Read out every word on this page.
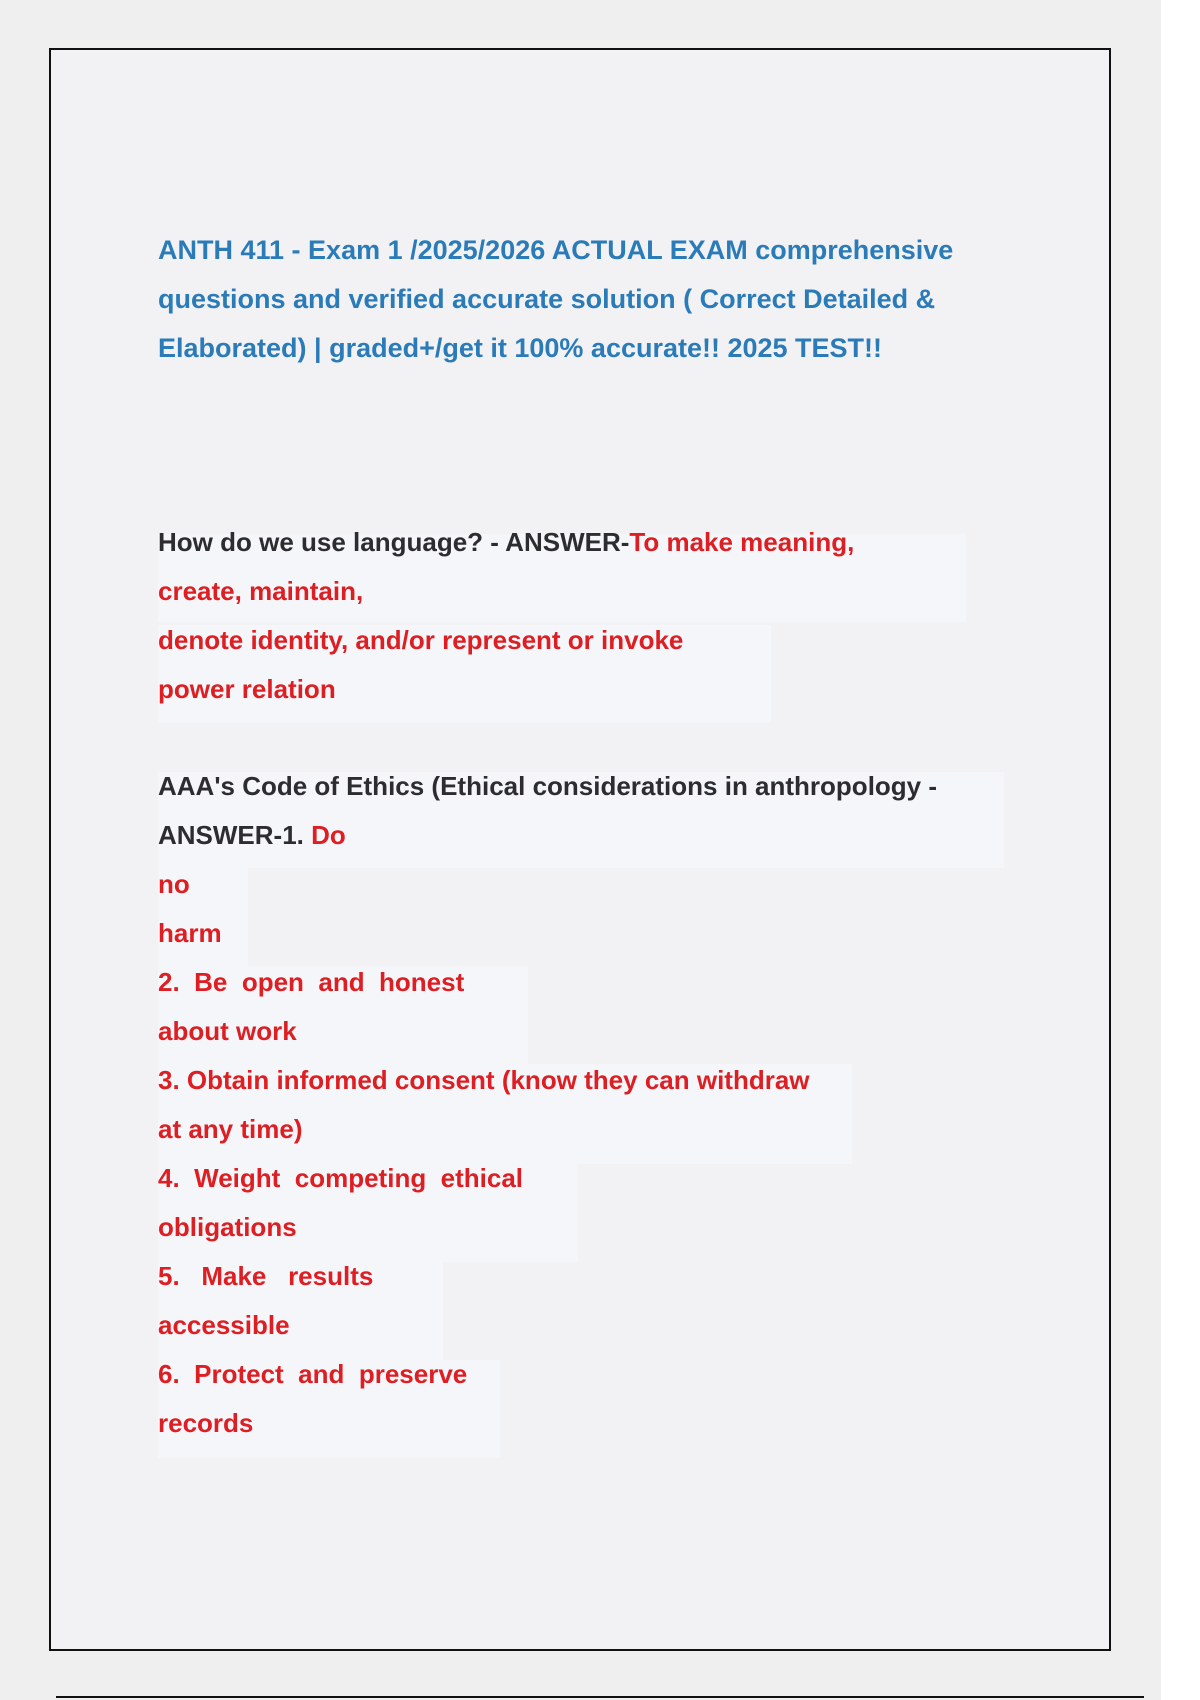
ANTH 411 - Exam 1 /2025/2026 ACTUAL EXAM comprehensive
questions and verified accurate solution ( Correct Detailed &
Elaborated) | graded+/get it 100% accurate!! 2025 TEST!!
How do we use language? - ANSWER-To make meaning,
create, maintain,
denote identity, and/or represent or invoke
power relation
AAA's Code of Ethics (Ethical considerations in anthropology -
ANSWER-1. Do
no
harm
2.  Be  open  and  honest
about work
3. Obtain informed consent (know they can withdraw
at any time)
4.  Weight  competing  ethical
obligations
5.   Make   results
accessible
6.  Protect  and  preserve
records
